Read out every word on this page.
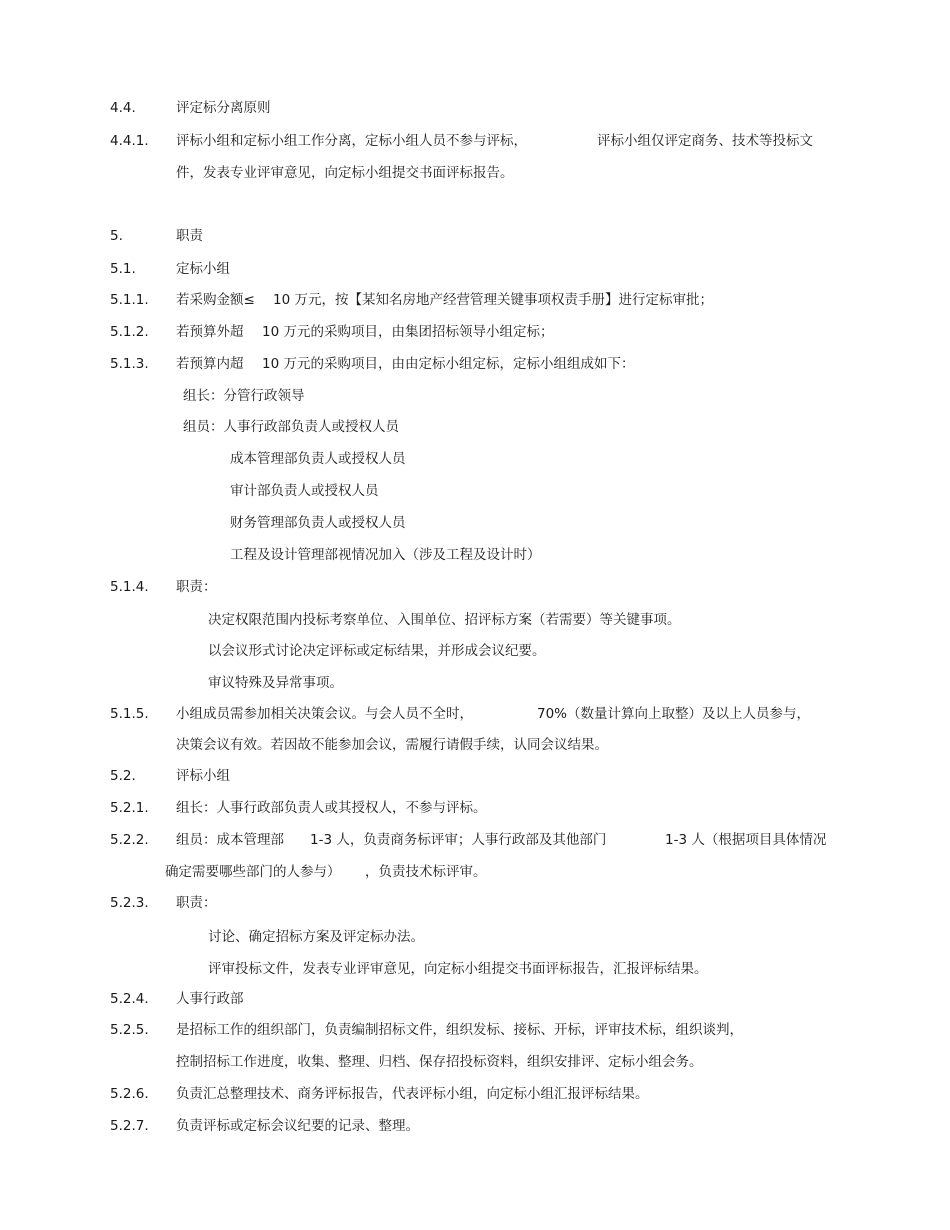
4.4.	评定标分离原则
4.4.1. 评标小组和定标小组工作分离，定标小组人员不参与评标，	评标小组仅评定商务、技术等投标文
件，发表专业评审意见，向定标小组提交书面评标报告。
5.	职责
5.1.	定标小组
5.1.1. 若采购金额≤ 10 万元，按【某知名房地产经营管理关键事项权责手册】进行定标审批；
5.1.2. 若预算外超 10 万元的采购项目，由集团招标领导小组定标；
5.1.3. 若预算内超 10 万元的采购项目，由由定标小组定标，定标小组组成如下：
组长：分管行政领导
组员：人事行政部负责人或授权人员
成本管理部负责人或授权人员
审计部负责人或授权人员
财务管理部负责人或授权人员
工程及设计管理部视情况加入（涉及工程及设计时）
5.1.4. 职责：
决定权限范围内投标考察单位、入围单位、招评标方案（若需要）等关键事项。
以会议形式讨论决定评标或定标结果，并形成会议纪要。
审议特殊及异常事项。
5.1.5. 小组成员需参加相关决策会议。与会人员不全时，	70%（数量计算向上取整）及以上人员参与，
决策会议有效。若因故不能参加会议，需履行请假手续，认同会议结果。
5.2.	评标小组
5.2.1. 组长：人事行政部负责人或其授权人，不参与评标。
5.2.2. 组员：成本管理部 1-3 人，负责商务标评审；人事行政部及其他部门	1-3 人（根据项目具体情况
确定需要哪些部门的人参与） ，负责技术标评审。
5.2.3. 职责：
讨论、确定招标方案及评定标办法。
评审投标文件，发表专业评审意见，向定标小组提交书面评标报告，汇报评标结果。
5.2.4. 人事行政部
5.2.5. 是招标工作的组织部门，负责编制招标文件，组织发标、接标、开标，评审技术标，组织谈判，
控制招标工作进度，收集、整理、归档、保存招投标资料，组织安排评、定标小组会务。
5.2.6. 负责汇总整理技术、商务评标报告，代表评标小组，向定标小组汇报评标结果。
5.2.7. 负责评标或定标会议纪要的记录、整理。
